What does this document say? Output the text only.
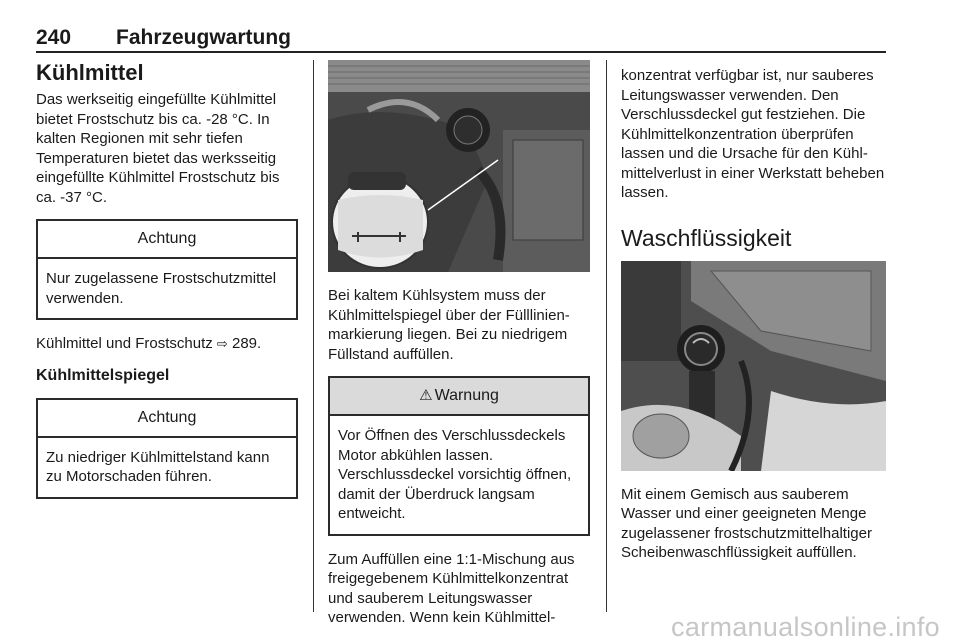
240 Fahrzeugwartung
Kühlmittel

Das werkseitig eingefüllte Kühlmittel bietet Frostschutz bis ca. -28 °C. In kalten Regionen mit sehr tiefen Temperaturen bietet das werksseitig eingefüllte Kühlmittel Frostschutz bis ca. -37 °C.

Achtung
Nur zugelassene Frostschutzmittel verwenden.

Kühlmittel und Frostschutz ⇨ 289.

Kühlmittelspiegel
Achtung
Zu niedriger Kühlmittelstand kann zu Motorschaden führen.

Bei kaltem Kühlsystem muss der Kühlmittelspiegel über der Fülllinienmarkierung liegen. Bei zu niedrigem Füllstand auffüllen.

⚠ Warnung
Vor Öffnen des Verschlussdeckels Motor abkühlen lassen. Verschlussdeckel vorsichtig öffnen, damit der Überdruck langsam entweicht.

Zum Auffüllen eine 1:1-Mischung aus freigegebenem Kühlmittelkonzentrat und sauberem Leitungswasser verwenden. Wenn kein Kühlmittel-

konzentrat verfügbar ist, nur sauberes Leitungswasser verwenden. Den Verschlussdeckel gut festziehen. Die Kühlmittelkonzentration überprüfen lassen und die Ursache für den Kühlmittelverlust in einer Werkstatt beheben lassen.

Waschflüssigkeit

Mit einem Gemisch aus sauberem Wasser und einer geeigneten Menge zugelassener frostschutzmittelhaltiger Scheibenwaschflüssigkeit auffüllen.

carmanualsonline.info
